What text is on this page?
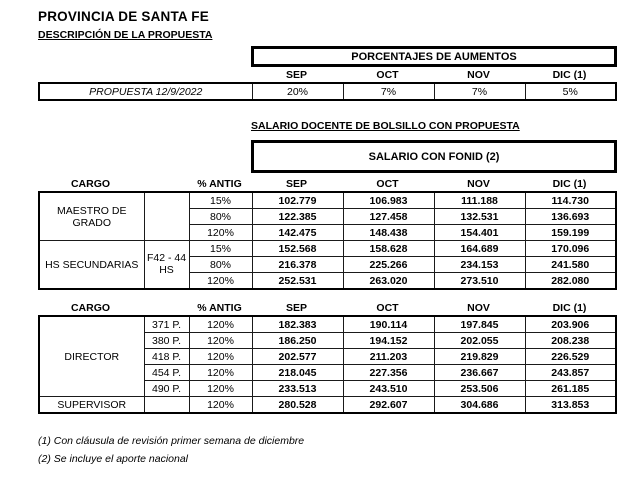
PROVINCIA DE SANTA FE
DESCRIPCIÓN DE LA PROPUESTA
PORCENTAJES DE AUMENTOS
SEP	OCT	NOV	DIC (1)
PROPUESTA 12/9/2022	20%	7%	7%	5%
SALARIO DOCENTE DE BOLSILLO CON PROPUESTA
SALARIO CON FONID (2)
CARGO	% ANTIG	SEP	OCT	NOV	DIC (1)
MAESTRO DE GRADO		15%	102.779	106.983	111.188	114.730
		80%	122.385	127.458	132.531	136.693
		120%	142.475	148.438	154.401	159.199
HS SECUNDARIAS	F42 - 44 HS	15%	152.568	158.628	164.689	170.096
		80%	216.378	225.266	234.153	241.580
		120%	252.531	263.020	273.510	282.080
CARGO	% ANTIG	SEP	OCT	NOV	DIC (1)
DIRECTOR	371 P.	120%	182.383	190.114	197.845	203.906
	380 P.	120%	186.250	194.152	202.055	208.238
	418 P.	120%	202.577	211.203	219.829	226.529
	454 P.	120%	218.045	227.356	236.667	243.857
	490 P.	120%	233.513	243.510	253.506	261.185
SUPERVISOR		120%	280.528	292.607	304.686	313.853
(1) Con cláusula de revisión primer semana de diciembre
(2) Se incluye el aporte nacional
